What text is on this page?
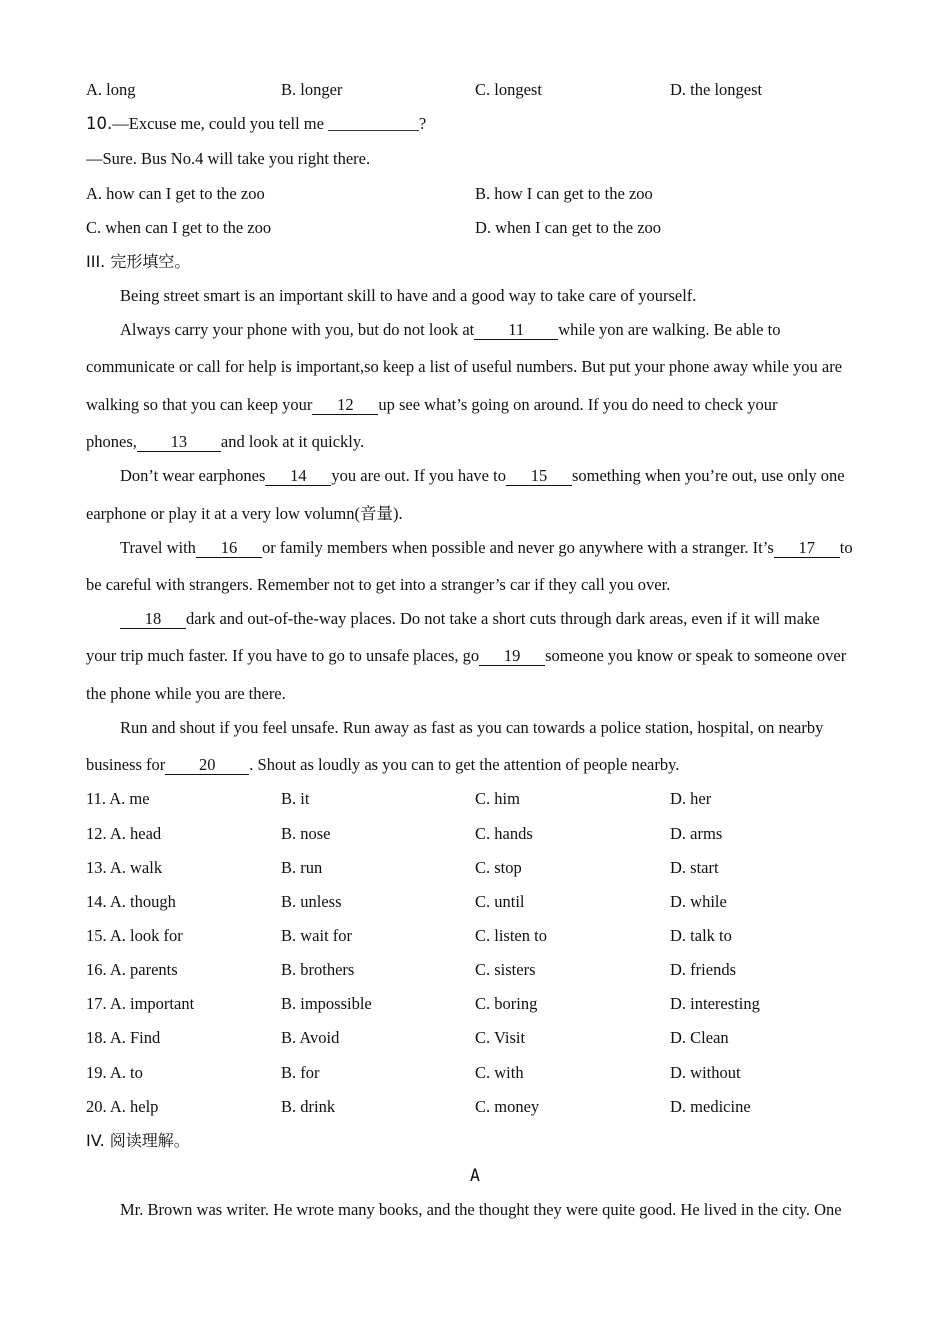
A. long	B. longer	C. longest	D. the longest
10.—Excuse me, could you tell me ___________?
—Sure. Bus No.4 will take you right there.
A. how can I get to the zoo	B. how I can get to the zoo
C. when can I get to the zoo	D. when I can get to the zoo
III. 完形填空。
Being street smart is an important skill to have and a good way to take care of yourself.
Always carry your phone with you, but do not look at 11 while yon are walking. Be able to
communicate or call for help is important,so keep a list of useful numbers. But put your phone away while you are
walking so that you can keep your 12 up see what’s going on around. If you do need to check your
phones, 13 and look at it quickly.
Don’t wear earphones 14 you are out. If you have to 15 something when you’re out, use only one
earphone or play it at a very low volumn(音量).
Travel with 16 or family members when possible and never go anywhere with a stranger. It’s 17 to
be careful with strangers. Remember not to get into a stranger’s car if they call you over.
18 dark and out-of-the-way places. Do not take a short cuts through dark areas, even if it will make
your trip much faster. If you have to go to unsafe places, go 19 someone you know or speak to someone over
the phone while you are there.
Run and shout if you feel unsafe. Run away as fast as you can towards a police station, hospital, on nearby
business for 20 . Shout as loudly as you can to get the attention of people nearby.
11. A. me	B. it	C. him	D. her
12. A. head	B. nose	C. hands	D. arms
13. A. walk	B. run	C. stop	D. start
14. A. though	B. unless	C. until	D. while
15. A. look for	B. wait for	C. listen to	D. talk to
16. A. parents	B. brothers	C. sisters	D. friends
17. A. important	B. impossible	C. boring	D. interesting
18. A. Find	B. Avoid	C. Visit	D. Clean
19. A. to	B. for	C. with	D. without
20. A. help	B. drink	C. money	D. medicine
IV. 阅读理解。
A
Mr. Brown was writer. He wrote many books, and the thought they were quite good. He lived in the city. One
